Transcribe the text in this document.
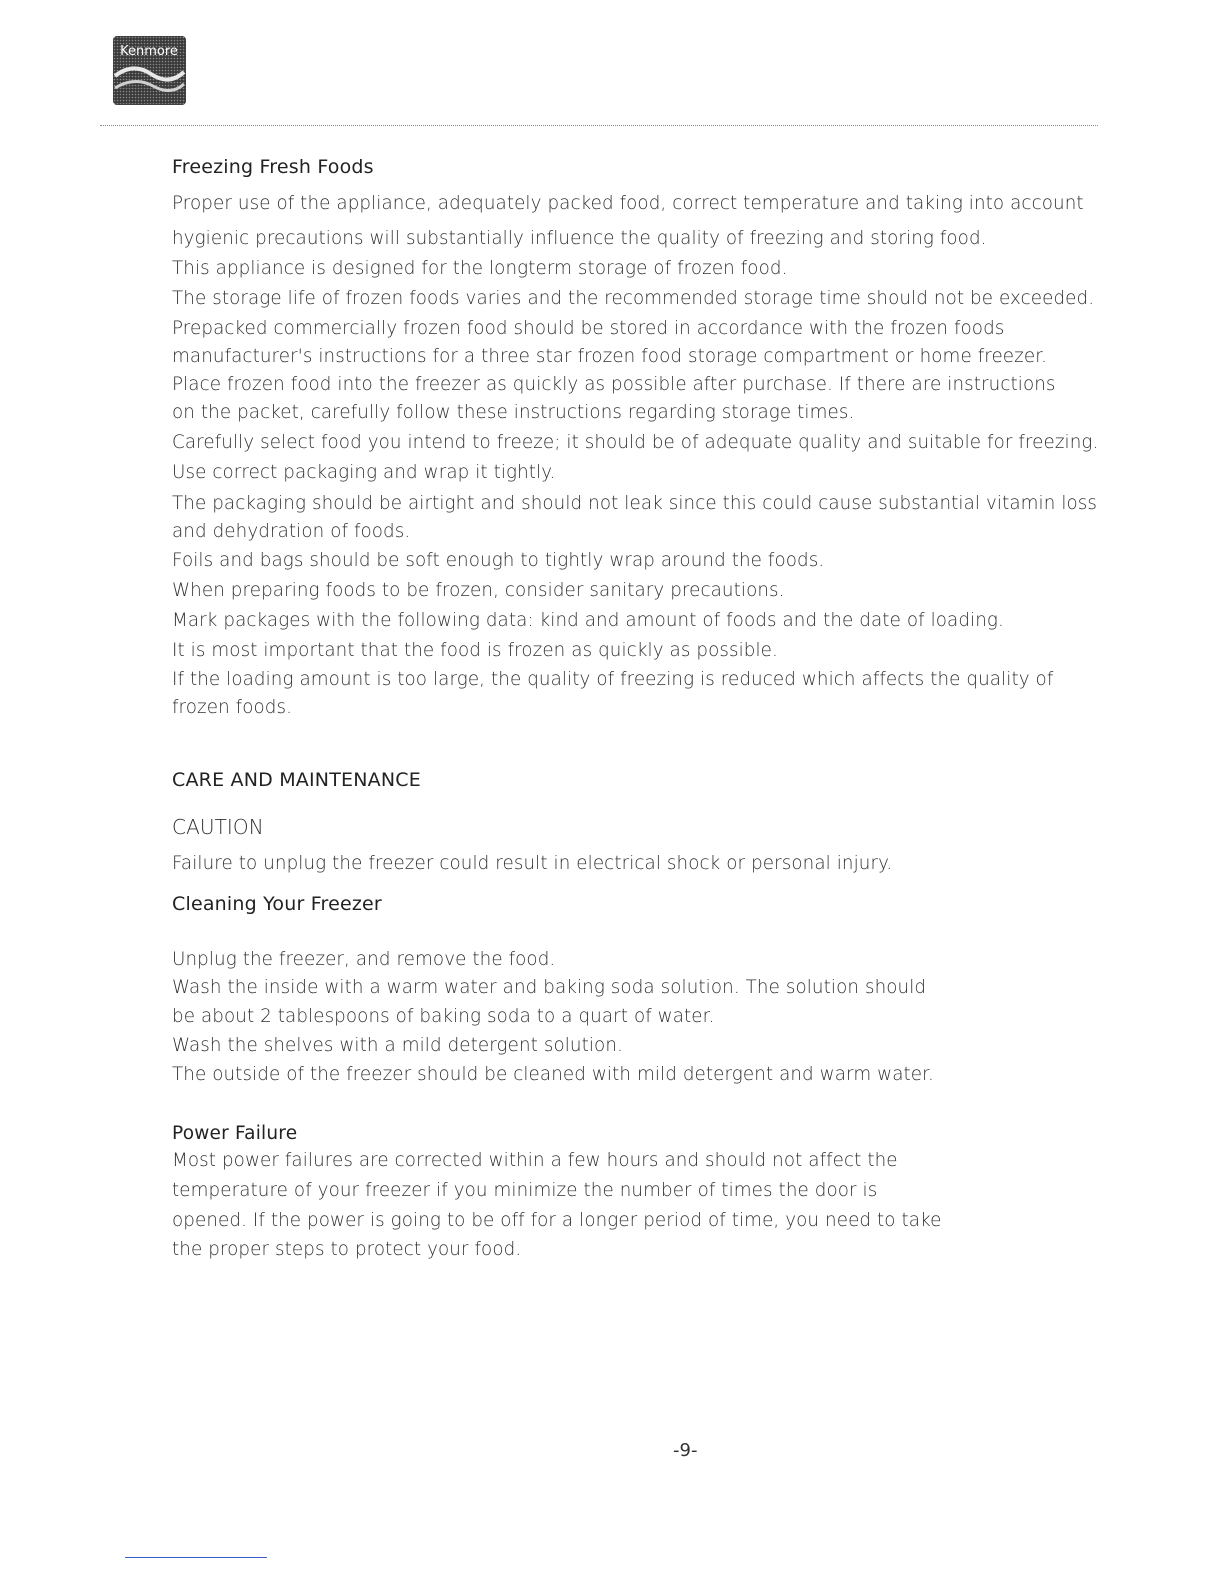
Kenmore
Freezing Fresh Foods
Proper use of the appliance, adequately packed food, correct temperature and taking into account
hygienic precautions will substantially influence the quality of freezing and storing food.
This appliance is designed for the longterm storage of frozen food.
The storage life of frozen foods varies and the recommended storage time should not be exceeded.
Prepacked commercially frozen food should be stored in accordance with the frozen foods
manufacturer's instructions for a three star frozen food storage compartment or home freezer.
Place frozen food into the freezer as quickly as possible after purchase. If there are instructions
on the packet, carefully follow these instructions regarding storage times.
Carefully select food you intend to freeze; it should be of adequate quality and suitable for freezing.
Use correct packaging and wrap it tightly.
The packaging should be airtight and should not leak since this could cause substantial vitamin loss
and dehydration of foods.
Foils and bags should be soft enough to tightly wrap around the foods.
When preparing foods to be frozen, consider sanitary precautions.
Mark packages with the following data: kind and amount of foods and the date of loading.
It is most important that the food is frozen as quickly as possible.
If the loading amount is too large, the quality of freezing is reduced which affects the quality of
frozen foods.
CARE AND MAINTENANCE
CAUTION
Failure to unplug the freezer could result in electrical shock or personal injury.
Cleaning Your Freezer
Unplug the freezer, and remove the food.
Wash the inside with a warm water and baking soda solution. The solution should
be about 2 tablespoons of baking soda to a quart of water.
Wash the shelves with a mild detergent solution.
The outside of the freezer should be cleaned with mild detergent and warm water.
Power Failure
Most power failures are corrected within a few hours and should not affect the
temperature of your freezer if you minimize the number of times the door is
opened. If the power is going to be off for a longer period of time, you need to take
the proper steps to protect your food.
-9-
